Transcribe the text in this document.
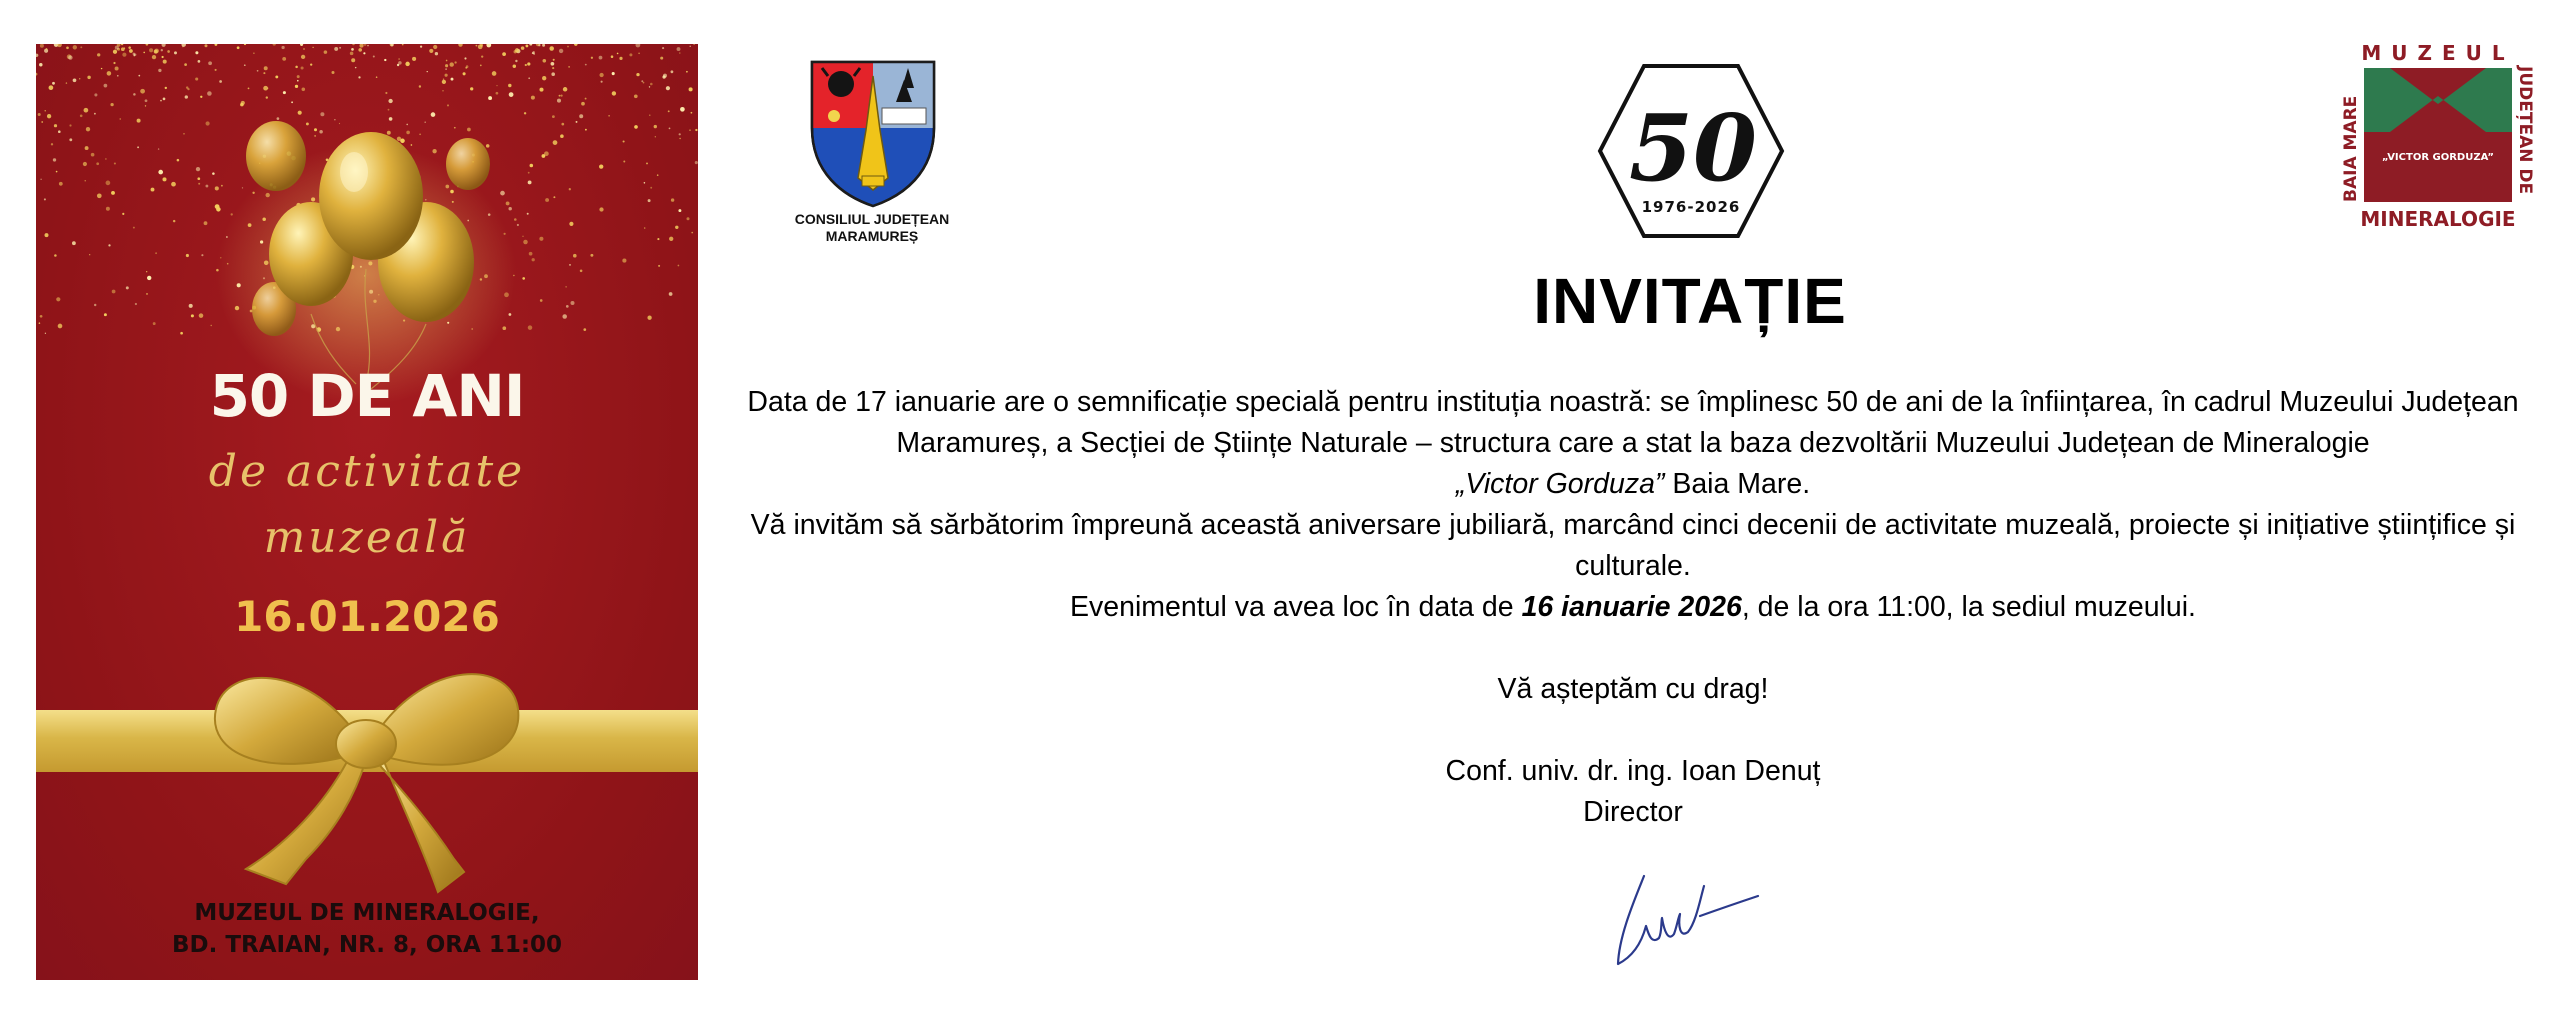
50 DE ANI
de activitate
muzeală
16.01.2026
MUZEUL DE MINERALOGIE,
BD. TRAIAN, NR. 8, ORA 11:00
CONSILIUL JUDEȚEAN
MARAMUREȘ
50
1976-2026
MUZEUL
„VICTOR GORDUZA”
MINERALOGIE
BAIA MARE	JUDEȚEAN DE
INVITAȚIE

Data de 17 ianuarie are o semnificație specială pentru instituția noastră: se împlinesc 50 de ani de la înființarea, în cadrul Muzeului Județean Maramureș, a Secției de Științe Naturale – structura care a stat la baza dezvoltării Muzeului Județean de Mineralogie
„Victor Gorduza” Baia Mare.

Vă invităm să sărbătorim împreună această aniversare jubiliară, marcând cinci decenii de activitate muzeală, proiecte și inițiative științifice și culturale.

Evenimentul va avea loc în data de 16 ianuarie 2026, de la ora 11:00, la sediul muzeului.

Vă așteptăm cu drag!

Conf. univ. dr. ing. Ioan Denuț

Director
